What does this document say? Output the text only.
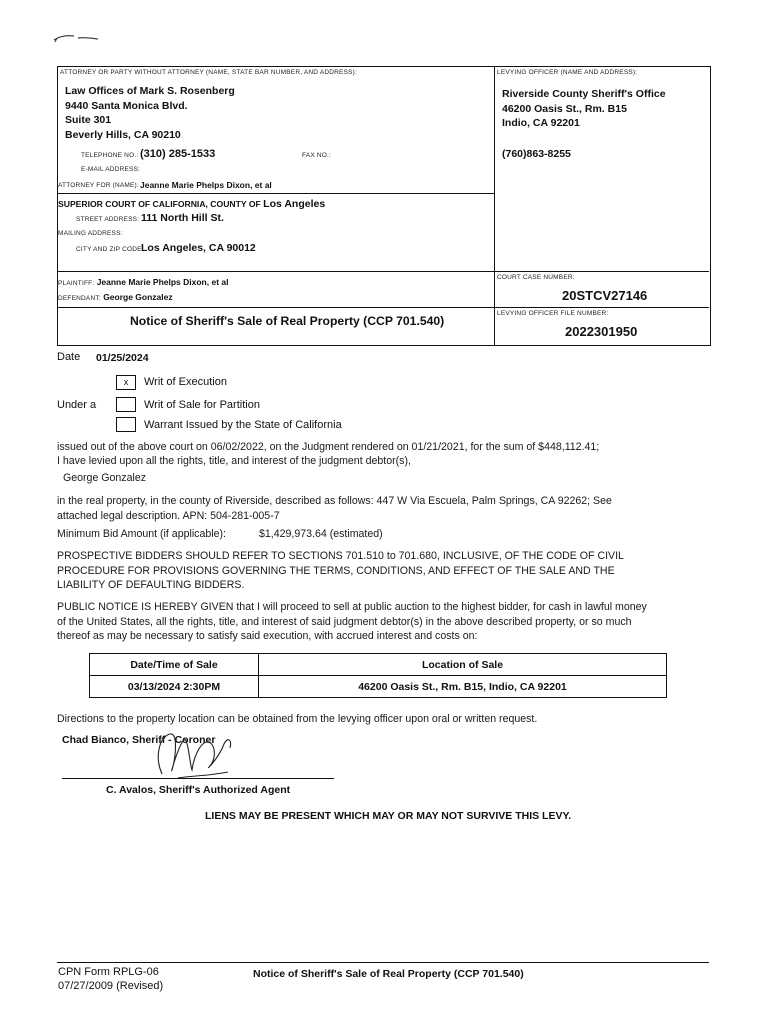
ATTORNEY OR PARTY WITHOUT ATTORNEY (NAME, STATE BAR NUMBER, AND ADDRESS):
Law Offices of Mark S. Rosenberg
9440 Santa Monica Blvd.
Suite 301
Beverly Hills, CA 90210
TELEPHONE NO.: (310) 285-1533	FAX NO.:
E-MAIL ADDRESS:
ATTORNEY FOR (NAME): Jeanne Marie Phelps Dixon, et al
SUPERIOR COURT OF CALIFORNIA, COUNTY OF Los Angeles
STREET ADDRESS: 111 North Hill St.
MAILING ADDRESS:
CITY AND ZIP CODE:
Los Angeles, CA 90012
LEVYING OFFICER (NAME AND ADDRESS):
Riverside County Sheriff's Office
46200 Oasis St., Rm. B15
Indio, CA 92201
(760)863-8255
PLAINTIFF: Jeanne Marie Phelps Dixon, et al
DEFENDANT: George Gonzalez
COURT CASE NUMBER:
20STCV27146
LEVYING OFFICER FILE NUMBER:
2022301950
Notice of Sheriff's Sale of Real Property (CCP 701.540)
Date 01/25/2024
Under a
x	Writ of Execution
Writ of Sale for Partition
Warrant Issued by the State of California
issued out of the above court on 06/02/2022, on the Judgment rendered on 01/21/2021, for the sum of $448,112.41;
I have levied upon all the rights, title, and interest of the judgment debtor(s),
George Gonzalez
in the real property, in the county of Riverside, described as follows: 447 W Via Escuela, Palm Springs, CA 92262; See attached legal description. APN: 504-281-005-7
Minimum Bid Amount (if applicable):	$1,429,973.64 (estimated)
PROSPECTIVE BIDDERS SHOULD REFER TO SECTIONS 701.510 to 701.680, INCLUSIVE, OF THE CODE OF CIVIL PROCEDURE FOR PROVISIONS GOVERNING THE TERMS, CONDITIONS, AND EFFECT OF THE SALE AND THE LIABILITY OF DEFAULTING BIDDERS.
PUBLIC NOTICE IS HEREBY GIVEN that I will proceed to sell at public auction to the highest bidder, for cash in lawful money of the United States, all the rights, title, and interest of said judgment debtor(s) in the above described property, or so much thereof as may be necessary to satisfy said execution, with accrued interest and costs on:
Date/Time of Sale	Location of Sale
03/13/2024 2:30PM	46200 Oasis St., Rm. B15, Indio, CA 92201
Directions to the property location can be obtained from the levying officer upon oral or written request.
Chad Bianco, Sheriff - Coroner
C. Avalos, Sheriff's Authorized Agent
LIENS MAY BE PRESENT WHICH MAY OR MAY NOT SURVIVE THIS LEVY.
CPN Form RPLG-06
07/27/2009 (Revised)
Notice of Sheriff's Sale of Real Property (CCP 701.540)
